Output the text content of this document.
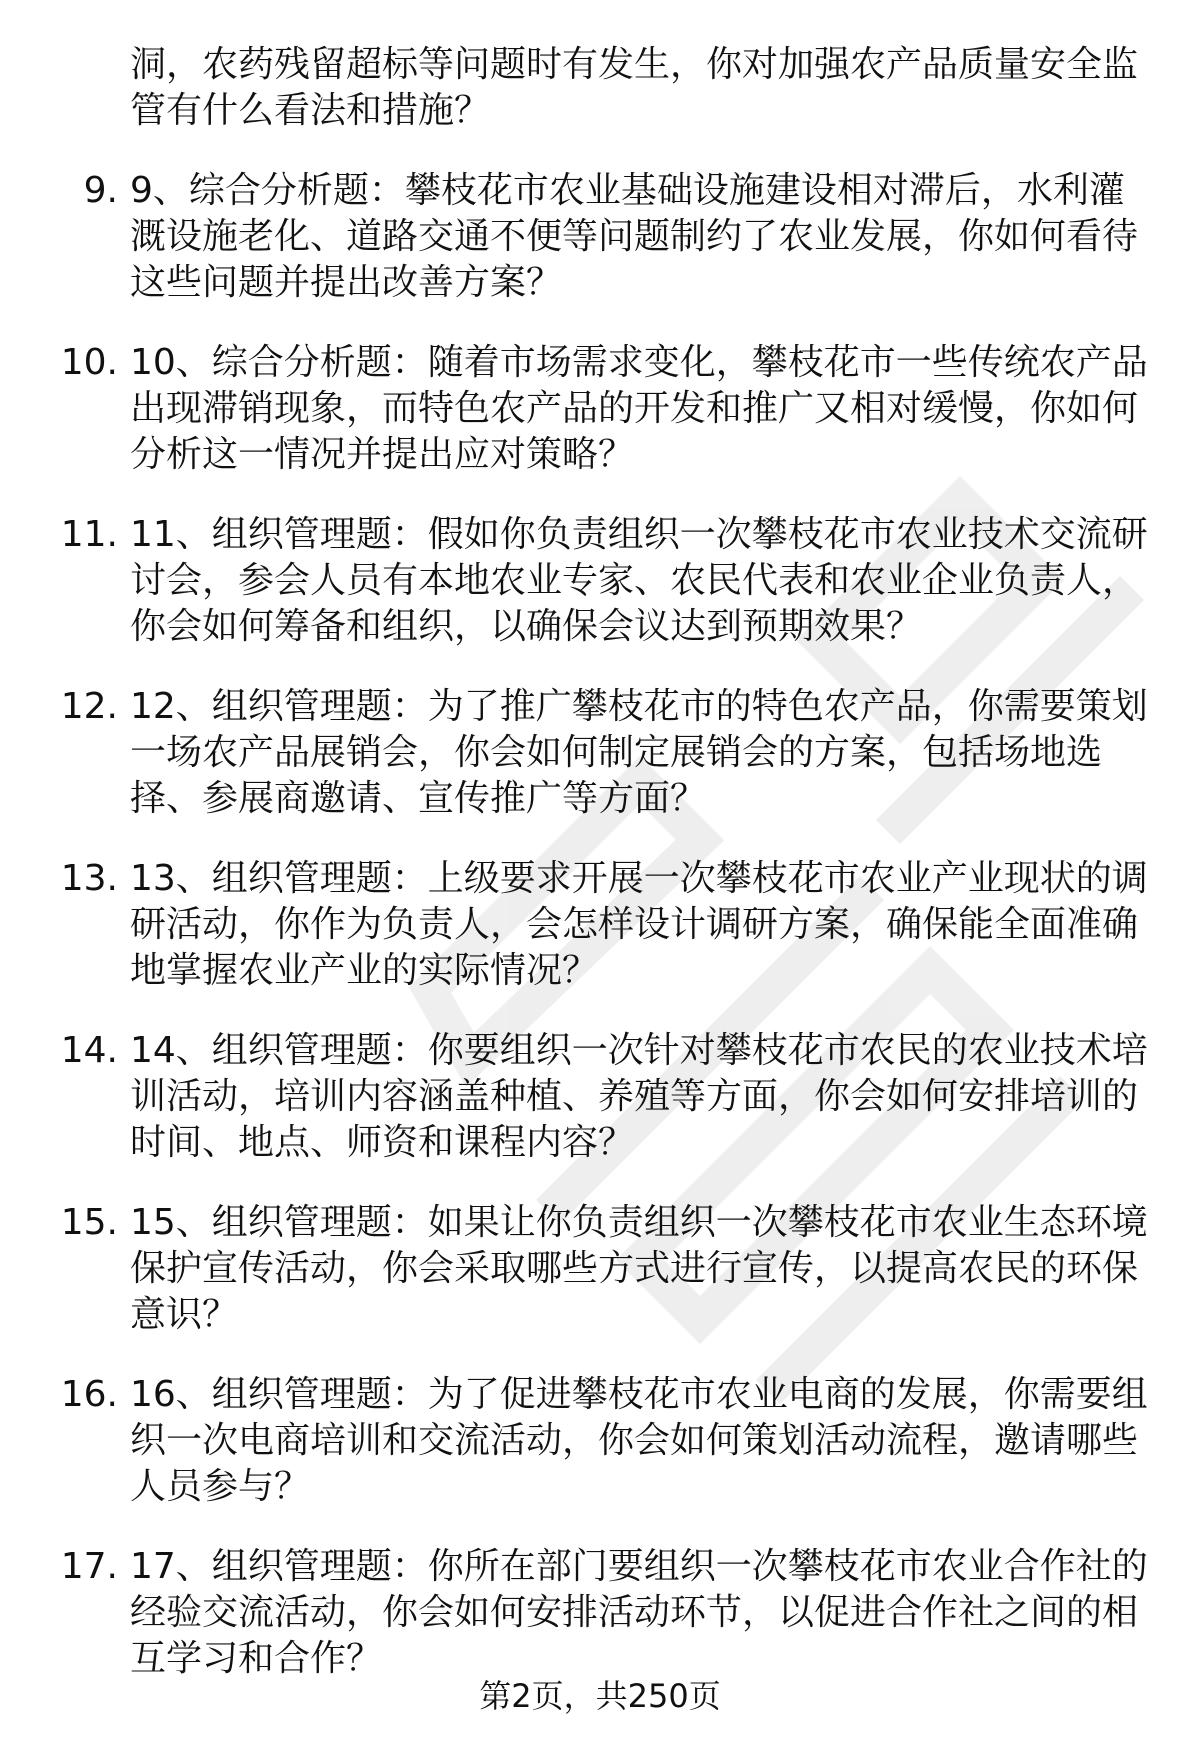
洞，农药残留超标等问题时有发生，你对加强农产品质量安全监管有什么看法和措施？
9. 9、综合分析题：攀枝花市农业基础设施建设相对滞后，水利灌溉设施老化、道路交通不便等问题制约了农业发展，你如何看待这些问题并提出改善方案？
10. 10、综合分析题：随着市场需求变化，攀枝花市一些传统农产品出现滞销现象，而特色农产品的开发和推广又相对缓慢，你如何分析这一情况并提出应对策略？
11. 11、组织管理题：假如你负责组织一次攀枝花市农业技术交流研讨会，参会人员有本地农业专家、农民代表和农业企业负责人，你会如何筹备和组织，以确保会议达到预期效果？
12. 12、组织管理题：为了推广攀枝花市的特色农产品，你需要策划一场农产品展销会，你会如何制定展销会的方案，包括场地选择、参展商邀请、宣传推广等方面？
13. 13、组织管理题：上级要求开展一次攀枝花市农业产业现状的调研活动，你作为负责人，会怎样设计调研方案，确保能全面准确地掌握农业产业的实际情况？
14. 14、组织管理题：你要组织一次针对攀枝花市农民的农业技术培训活动，培训内容涵盖种植、养殖等方面，你会如何安排培训的时间、地点、师资和课程内容？
15. 15、组织管理题：如果让你负责组织一次攀枝花市农业生态环境保护宣传活动，你会采取哪些方式进行宣传，以提高农民的环保意识？
16. 16、组织管理题：为了促进攀枝花市农业电商的发展，你需要组织一次电商培训和交流活动，你会如何策划活动流程，邀请哪些人员参与？
17. 17、组织管理题：你所在部门要组织一次攀枝花市农业合作社的经验交流活动，你会如何安排活动环节，以促进合作社之间的相互学习和合作？
第2页，共250页
